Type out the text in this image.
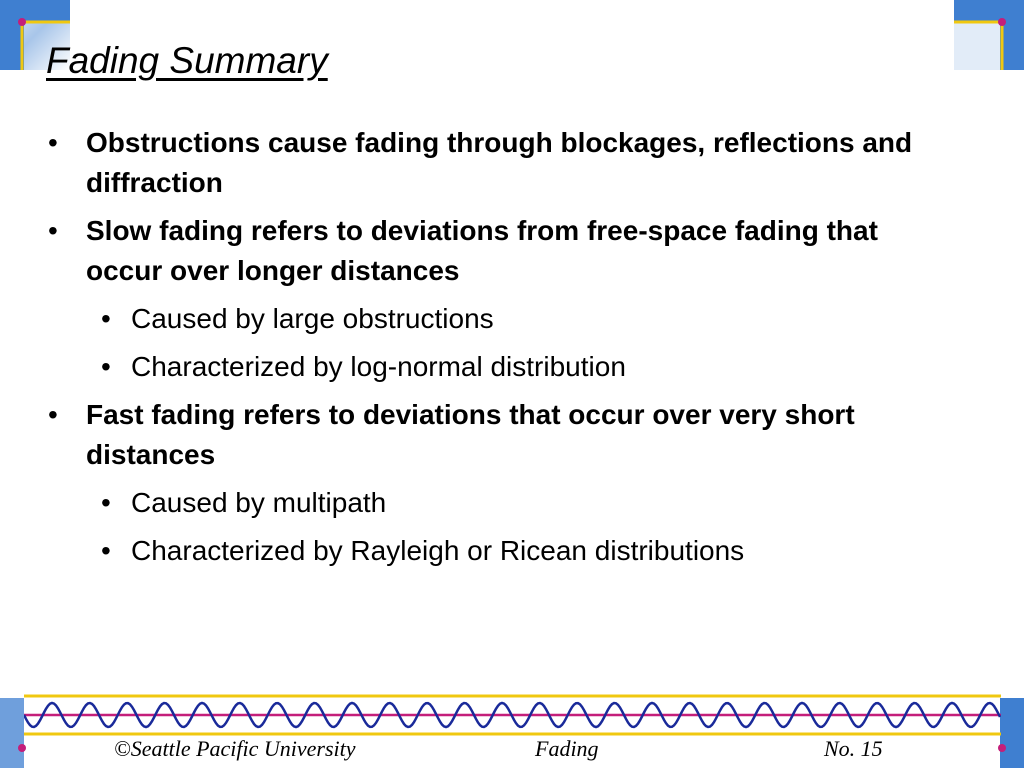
Fading Summary
• Obstructions cause fading through blockages, reflections and diffraction
• Slow fading refers to deviations from free-space fading that occur over longer distances
• Caused by large obstructions
• Characterized by log-normal distribution
• Fast fading refers to deviations that occur over very short distances
• Caused by multipath
• Characterized by Rayleigh or Ricean distributions
©Seattle Pacific University	Fading	No. 15
